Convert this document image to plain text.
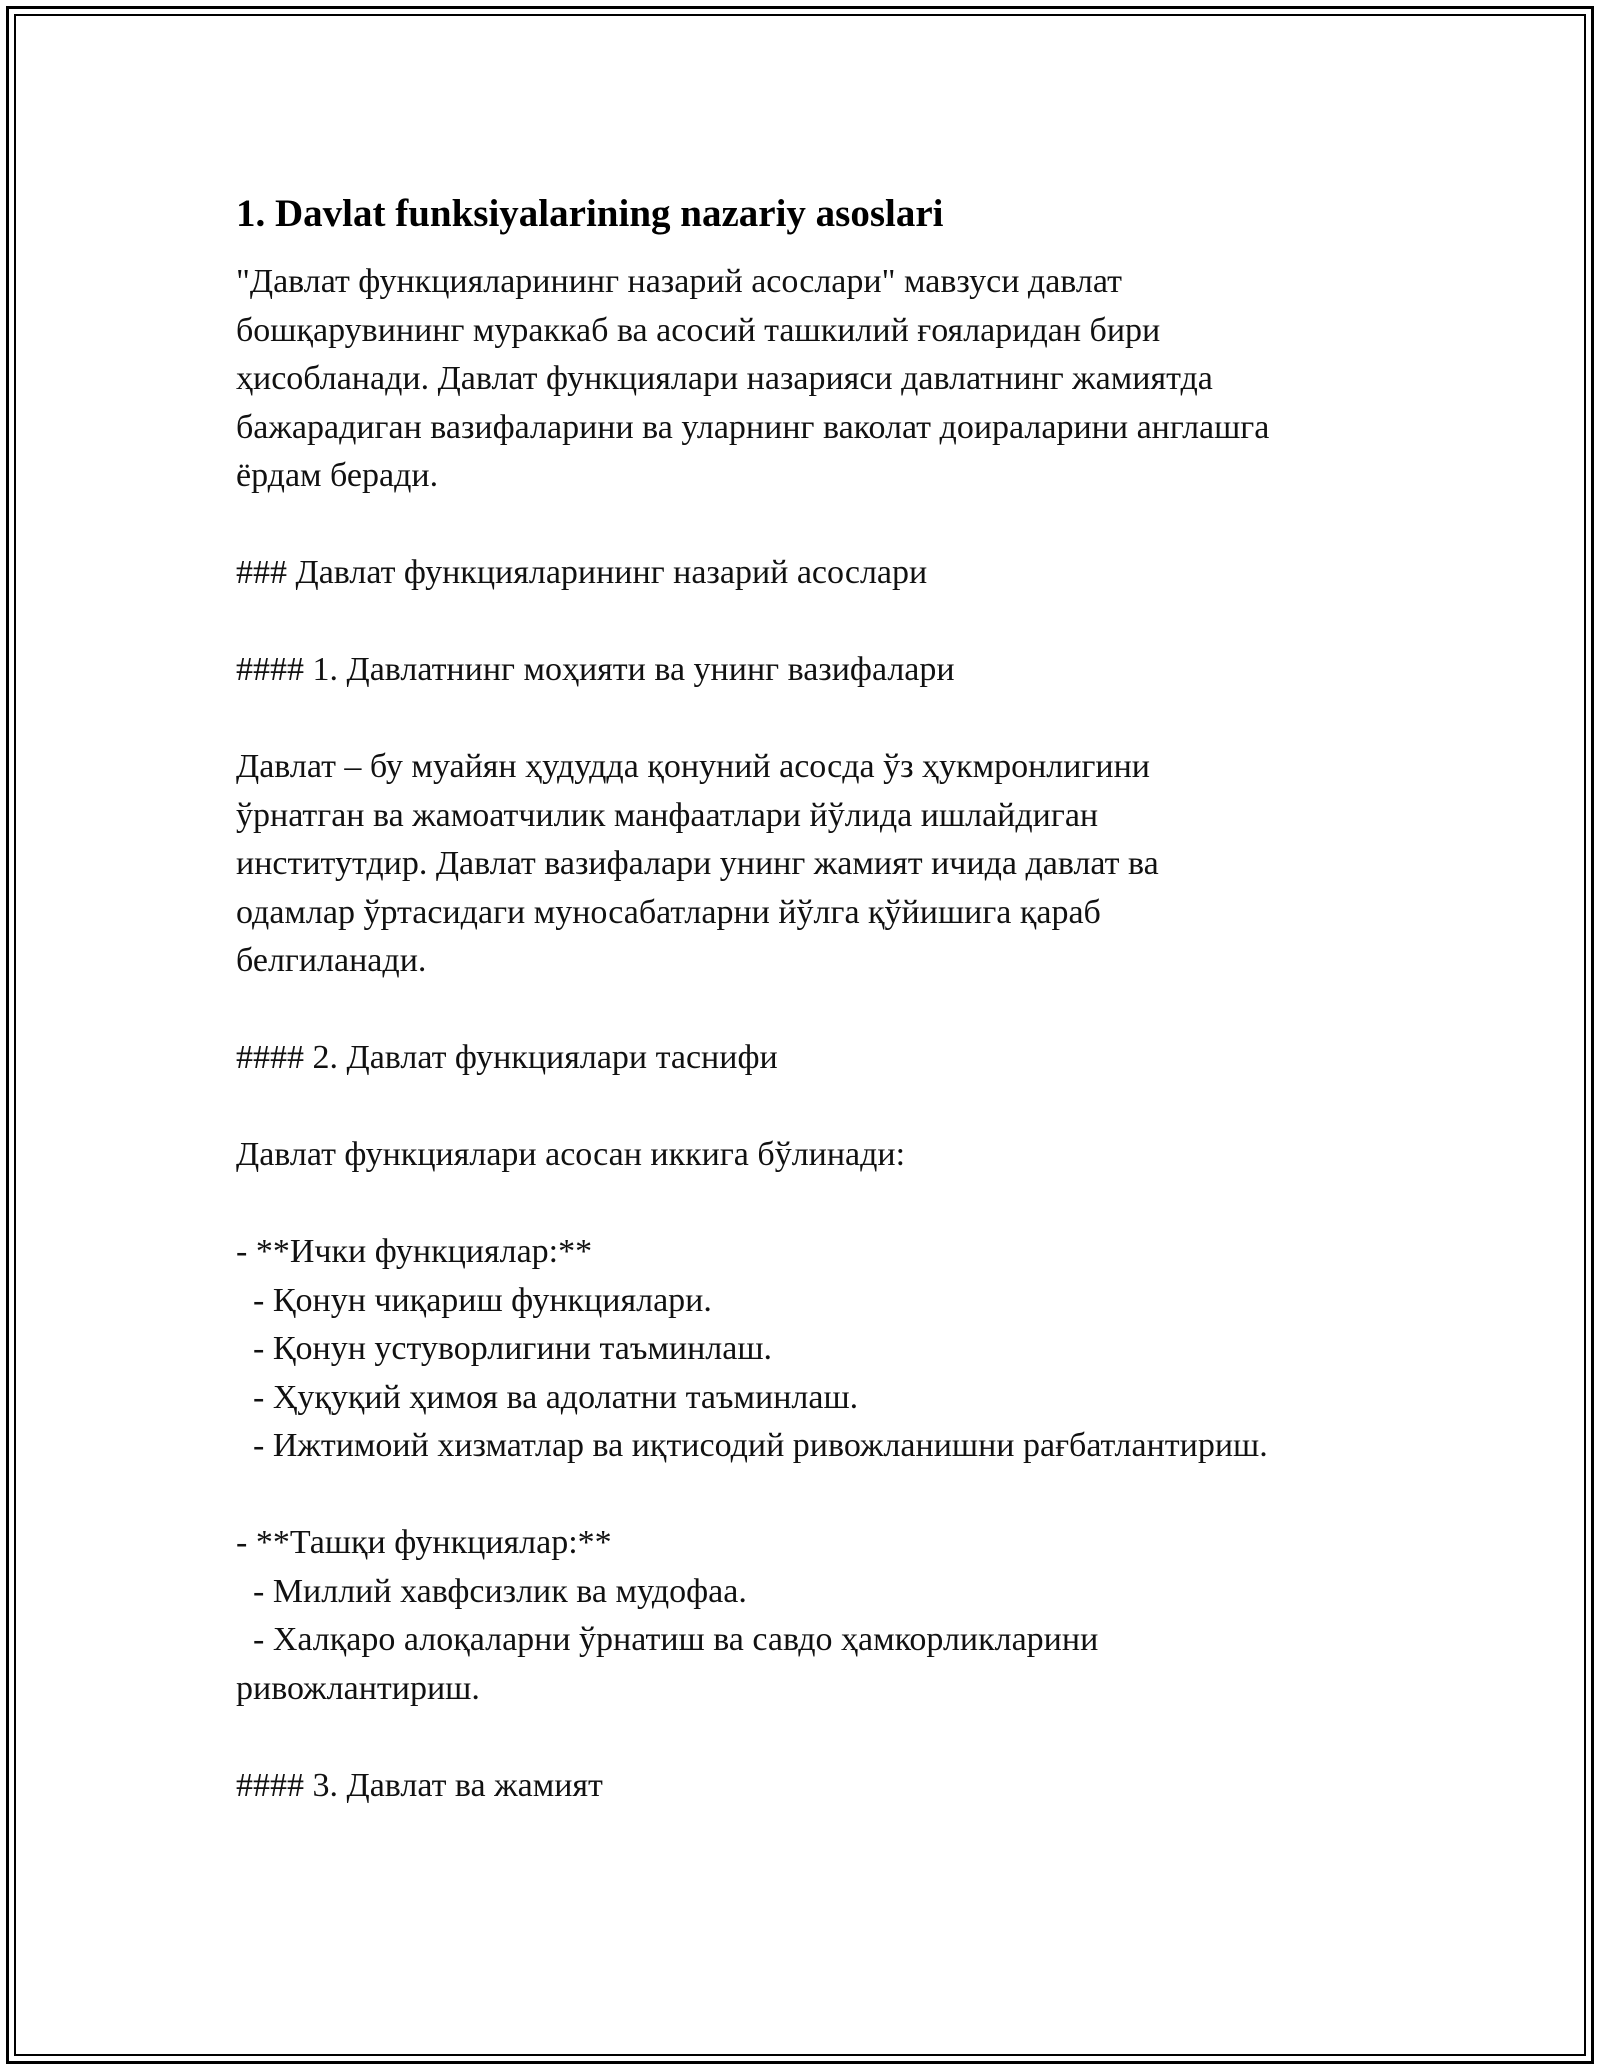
1. Davlat funksiyalarining nazariy asoslari
"Давлат функцияларининг назарий асослари" мавзуси давлат
бошқарувининг мураккаб ва асосий ташкилий ғояларидан бири
ҳисобланади. Давлат функциялари назарияси давлатнинг жамиятда
бажарадиган вазифаларини ва уларнинг ваколат доираларини англашга
ёрдам беради.
### Давлат функцияларининг назарий асослари
#### 1. Давлатнинг моҳияти ва унинг вазифалари
Давлат – бу муайян ҳудудда қонуний асосда ўз ҳукмронлигини
ўрнатган ва жамоатчилик манфаатлари йўлида ишлайдиган
институтдир. Давлат вазифалари унинг жамият ичида давлат ва
одамлар ўртасидаги муносабатларни йўлга қўйишига қараб
белгиланади.
#### 2. Давлат функциялари таснифи
Давлат функциялари асосан иккига бўлинади:
- **Ички функциялар:**
- Қонун чиқариш функциялари.
- Қонун устуворлигини таъминлаш.
- Ҳуқуқий ҳимоя ва адолатни таъминлаш.
- Ижтимоий хизматлар ва иқтисодий ривожланишни рағбатлантириш.
- **Ташқи функциялар:**
- Миллий хавфсизлик ва мудофаа.
- Халқаро алоқаларни ўрнатиш ва савдо ҳамкорликларини
ривожлантириш.
#### 3. Давлат ва жамият
